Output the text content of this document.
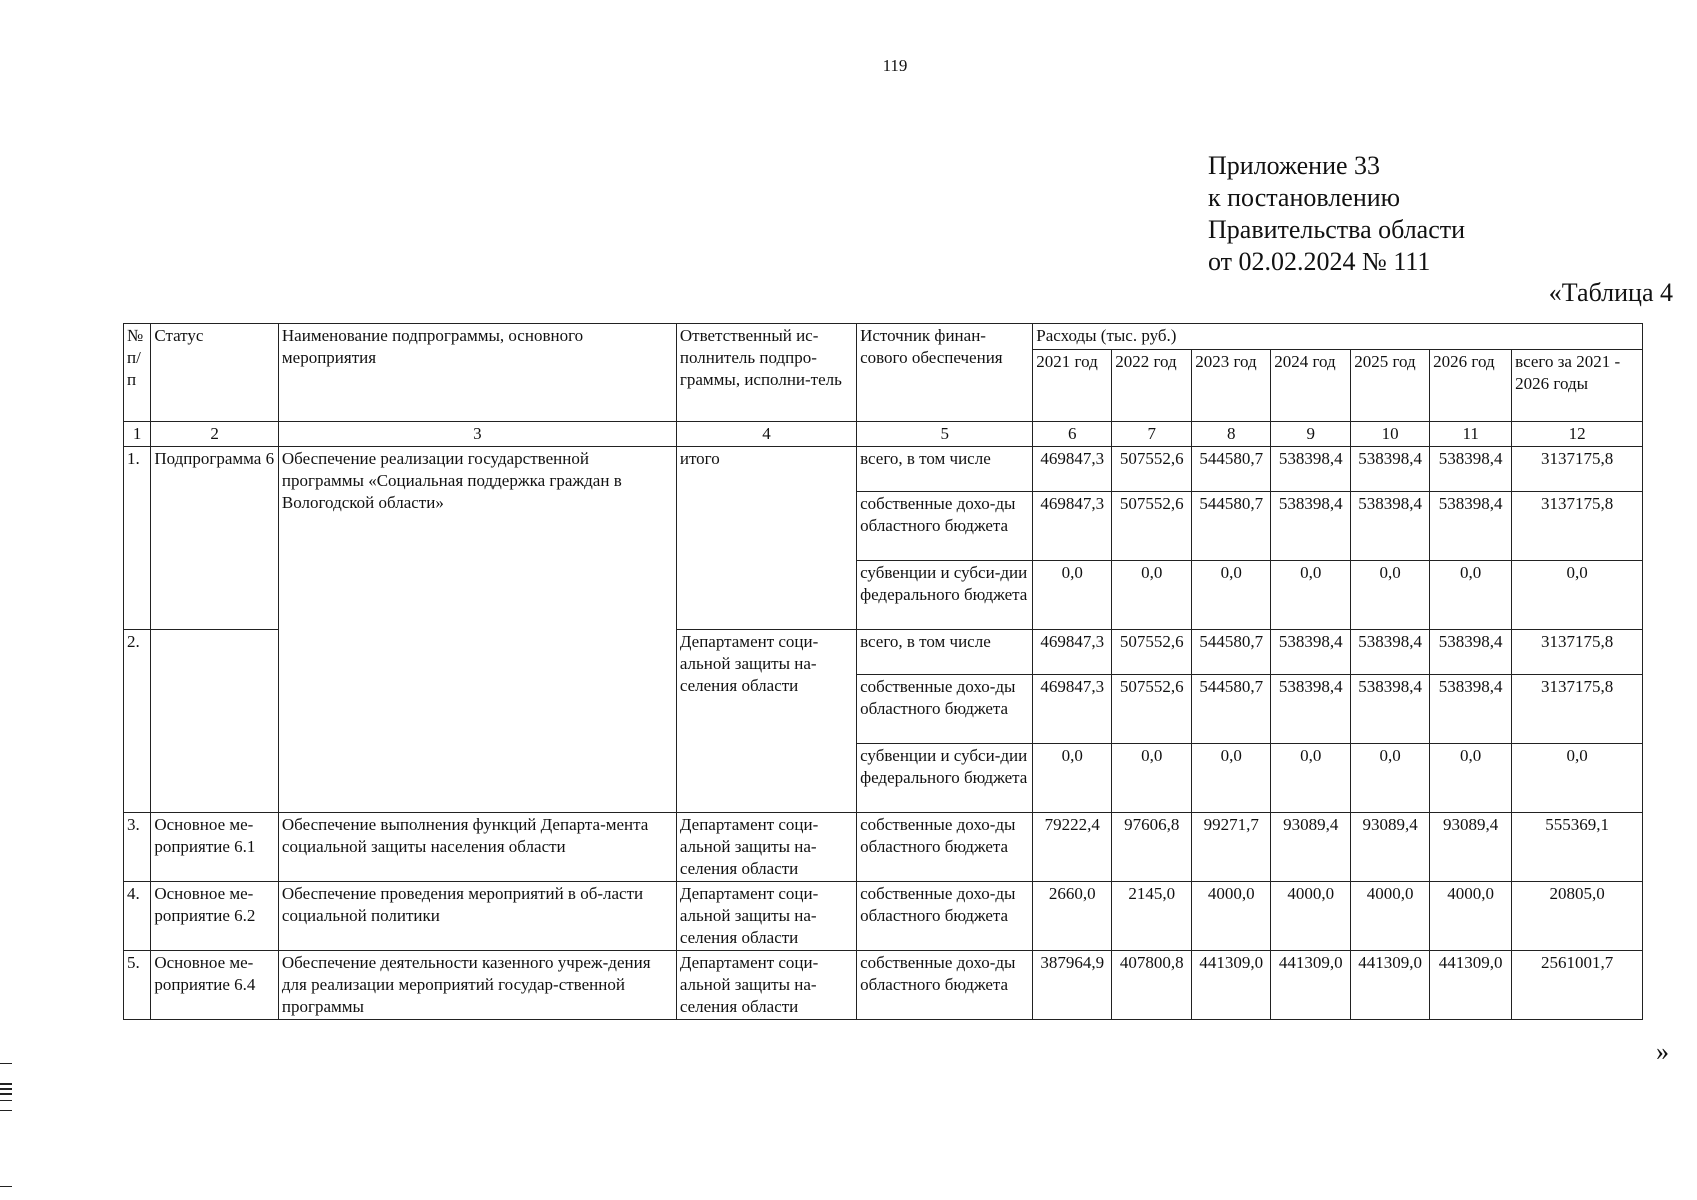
119
Приложение 33
к постановлению
Правительства области
от 02.02.2024 № 111
«Таблица 4
№ п/п	Статус	Наименование подпрограммы, основного мероприятия	Ответственный ис-полнитель подпро-граммы, исполни-тель	Источник финан-сового обеспечения	Расходы (тыс. руб.)						
					2021 год	2022 год	2023 год	2024 год	2025 год	2026 год	всего за 2021 - 2026 годы
1	2	3	4	5	6	7	8	9	10	11	12
1.	Подпрограмма 6	Обеспечение реализации государственной программы «Социальная поддержка граждан в Вологодской области»	итого	всего, в том числе	469847,3	507552,6	544580,7	538398,4	538398,4	538398,4	3137175,8
				собственные дохо-ды областного бюджета	469847,3	507552,6	544580,7	538398,4	538398,4	538398,4	3137175,8
				субвенции и субси-дии федерального бюджета	0,0	0,0	0,0	0,0	0,0	0,0	0,0
2.			Департамент соци-альной защиты на-селения области	всего, в том числе	469847,3	507552,6	544580,7	538398,4	538398,4	538398,4	3137175,8
				собственные дохо-ды областного бюджета	469847,3	507552,6	544580,7	538398,4	538398,4	538398,4	3137175,8
				субвенции и субси-дии федерального бюджета	0,0	0,0	0,0	0,0	0,0	0,0	0,0
3.	Основное ме-роприятие 6.1	Обеспечение выполнения функций Департа-мента социальной защиты населения области	Департамент соци-альной защиты на-селения области	собственные дохо-ды областного бюджета	79222,4	97606,8	99271,7	93089,4	93089,4	93089,4	555369,1
4.	Основное ме-роприятие 6.2	Обеспечение проведения мероприятий в об-ласти социальной политики	Департамент соци-альной защиты на-селения области	собственные дохо-ды областного бюджета	2660,0	2145,0	4000,0	4000,0	4000,0	4000,0	20805,0
5.	Основное ме-роприятие 6.4	Обеспечение деятельности казенного учреж-дения для реализации мероприятий государ-ственной программы	Департамент соци-альной защиты на-селения области	собственные дохо-ды областного бюджета	387964,9	407800,8	441309,0	441309,0	441309,0	441309,0	2561001,7
»
